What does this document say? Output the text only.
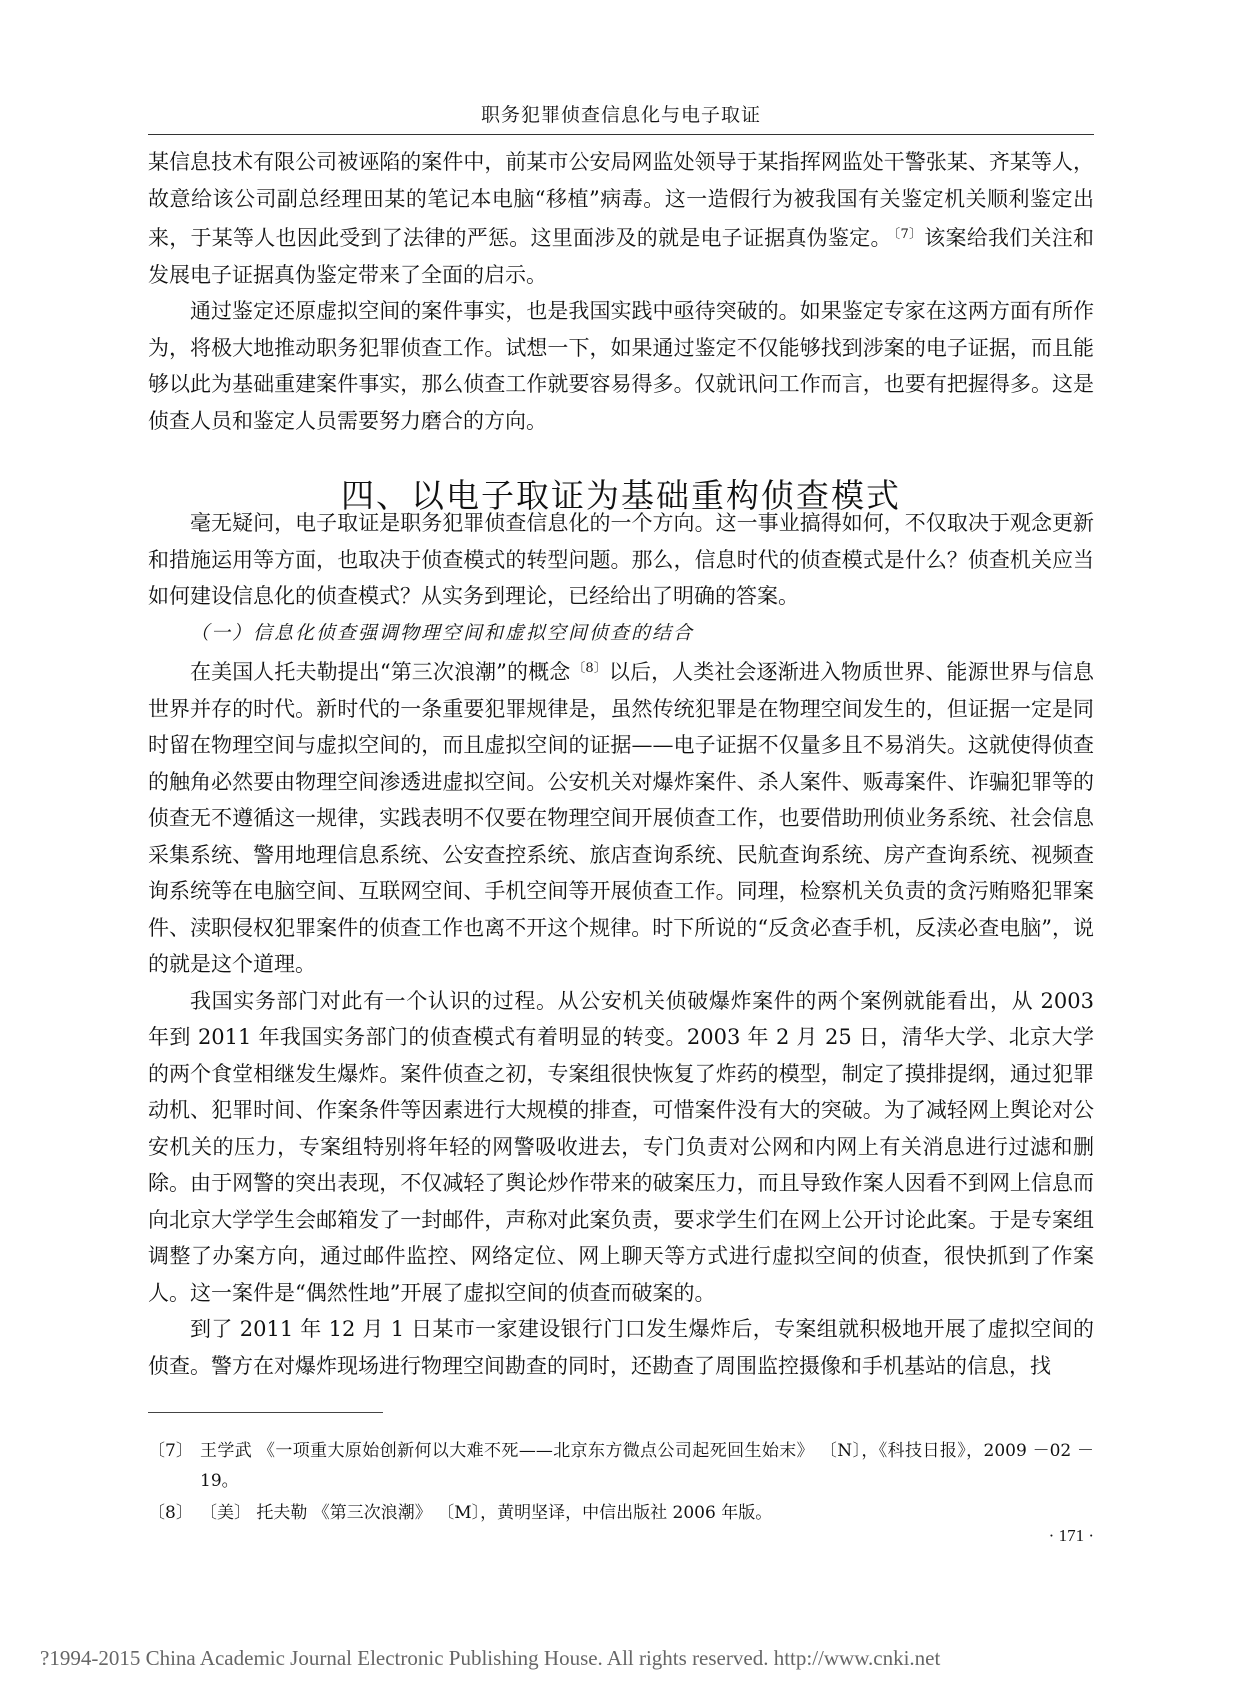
职务犯罪侦查信息化与电子取证

某信息技术有限公司被诬陷的案件中，前某市公安局网监处领导于某指挥网监处干警张某、齐某等人，故意给该公司副总经理田某的笔记本电脑“移植”病毒。这一造假行为被我国有关鉴定机关顺利鉴定出来，于某等人也因此受到了法律的严惩。这里面涉及的就是电子证据真伪鉴定。 $^{〔7〕}$该案给我们关注和发展电子证据真伪鉴定带来了全面的启示。

通过鉴定还原虚拟空间的案件事实，也是我国实践中亟待突破的。如果鉴定专家在这两方面有所作为，将极大地推动职务犯罪侦查工作。试想一下，如果通过鉴定不仅能够找到涉案的电子证据，而且能够以此为基础重建案件事实，那么侦查工作就要容易得多。仅就讯问工作而言，也要有把握得多。这是侦查人员和鉴定人员需要努力磨合的方向。

四、以电子取证为基础重构侦查模式

毫无疑问，电子取证是职务犯罪侦查信息化的一个方向。这一事业搞得如何，不仅取决于观念更新和措施运用等方面，也取决于侦查模式的转型问题。那么，信息时代的侦查模式是什么？侦查机关应当如何建设信息化的侦查模式？从实务到理论，已经给出了明确的答案。

（一）信息化侦查强调物理空间和虚拟空间侦查的结合

在美国人托夫勒提出“第三次浪潮”的概念 $^{〔8〕}$以后，人类社会逐渐进入物质世界、能源世界与信息世界并存的时代。新时代的一条重要犯罪规律是，虽然传统犯罪是在物理空间发生的，但证据一定是同时留在物理空间与虚拟空间的，而且虚拟空间的证据——电子证据不仅量多且不易消失。这就使得侦查的触角必然要由物理空间渗透进虚拟空间。公安机关对爆炸案件、杀人案件、贩毒案件、诈骗犯罪等的侦查无不遵循这一规律，实践表明不仅要在物理空间开展侦查工作，也要借助刑侦业务系统、社会信息采集系统、警用地理信息系统、公安查控系统、旅店查询系统、民航查询系统、房产查询系统、视频查询系统等在电脑空间、互联网空间、手机空间等开展侦查工作。同理，检察机关负责的贪污贿赂犯罪案件、渎职侵权犯罪案件的侦查工作也离不开这个规律。时下所说的“反贪必查手机，反渎必查电脑”，说的就是这个道理。

我国实务部门对此有一个认识的过程。从公安机关侦破爆炸案件的两个案例就能看出，从 2003 年到 2011 年我国实务部门的侦查模式有着明显的转变。2003 年 2 月 25 日，清华大学、北京大学的两个食堂相继发生爆炸。案件侦查之初，专案组很快恢复了炸药的模型，制定了摸排提纲，通过犯罪动机、犯罪时间、作案条件等因素进行大规模的排查，可惜案件没有大的突破。为了减轻网上舆论对公安机关的压力，专案组特别将年轻的网警吸收进去，专门负责对公网和内网上有关消息进行过滤和删除。由于网警的突出表现，不仅减轻了舆论炒作带来的破案压力，而且导致作案人因看不到网上信息而向北京大学学生会邮箱发了一封邮件，声称对此案负责，要求学生们在网上公开讨论此案。于是专案组调整了办案方向，通过邮件监控、网络定位、网上聊天等方式进行虚拟空间的侦查，很快抓到了作案人。这一案件是“偶然性地”开展了虚拟空间的侦查而破案的。

到了 2011 年 12 月 1 日某市一家建设银行门口发生爆炸后，专案组就积极地开展了虚拟空间的侦查。警方在对爆炸现场进行物理空间勘查的同时，还勘查了周围监控摄像和手机基站的信息，找

〔7〕 王学武 《一项重大原始创新何以大难不死——北京东方微点公司起死回生始末》 〔N〕，《科技日报》，2009 －02 －19。
〔8〕 〔美〕 托夫勒 《第三次浪潮》 〔M〕，黄明坚译，中信出版社 2006 年版。
· 171 ·
?1994-2015 China Academic Journal Electronic Publishing House. All rights reserved. http://www.cnki.net
